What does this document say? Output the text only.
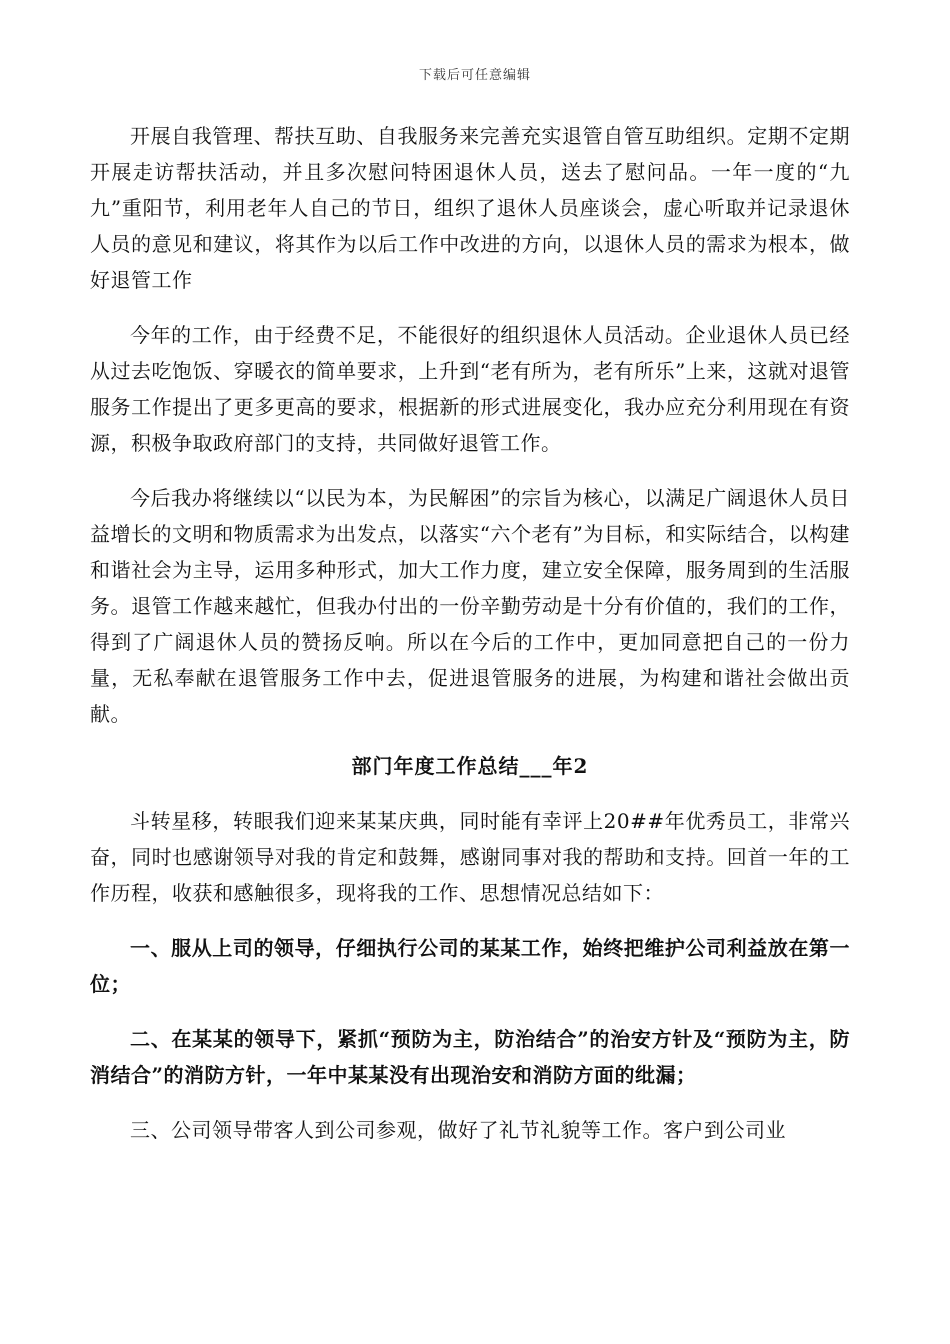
下载后可任意编辑

开展自我管理、帮扶互助、自我服务来完善充实退管自管互助组织。定期不定期开展走访帮扶活动，并且多次慰问特困退休人员，送去了慰问品。一年一度的“九九”重阳节，利用老年人自己的节日，组织了退休人员座谈会，虚心听取并记录退休人员的意见和建议，将其作为以后工作中改进的方向，以退休人员的需求为根本，做好退管工作

今年的工作，由于经费不足，不能很好的组织退休人员活动。企业退休人员已经从过去吃饱饭、穿暖衣的简单要求，上升到“老有所为，老有所乐”上来，这就对退管服务工作提出了更多更高的要求，根据新的形式进展变化，我办应充分利用现在有资源，积极争取政府部门的支持，共同做好退管工作。

今后我办将继续以“以民为本，为民解困”的宗旨为核心，以满足广阔退休人员日益增长的文明和物质需求为出发点，以落实“六个老有”为目标，和实际结合，以构建和谐社会为主导，运用多种形式，加大工作力度，建立安全保障，服务周到的生活服务。退管工作越来越忙，但我办付出的一份辛勤劳动是十分有价值的，我们的工作，得到了广阔退休人员的赞扬反响。所以在今后的工作中，更加同意把自己的一份力量，无私奉献在退管服务工作中去，促进退管服务的进展，为构建和谐社会做出贡献。

部门年度工作总结___年2

斗转星移，转眼我们迎来某某庆典，同时能有幸评上20##年优秀员工，非常兴奋，同时也感谢领导对我的肯定和鼓舞，感谢同事对我的帮助和支持。回首一年的工作历程，收获和感触很多，现将我的工作、思想情况总结如下：

一、服从上司的领导，仔细执行公司的某某工作，始终把维护公司利益放在第一位；

二、在某某的领导下，紧抓“预防为主，防治结合”的治安方针及“预防为主，防消结合”的消防方针，一年中某某没有出现治安和消防方面的纰漏；

三、公司领导带客人到公司参观，做好了礼节礼貌等工作。客户到公司业
